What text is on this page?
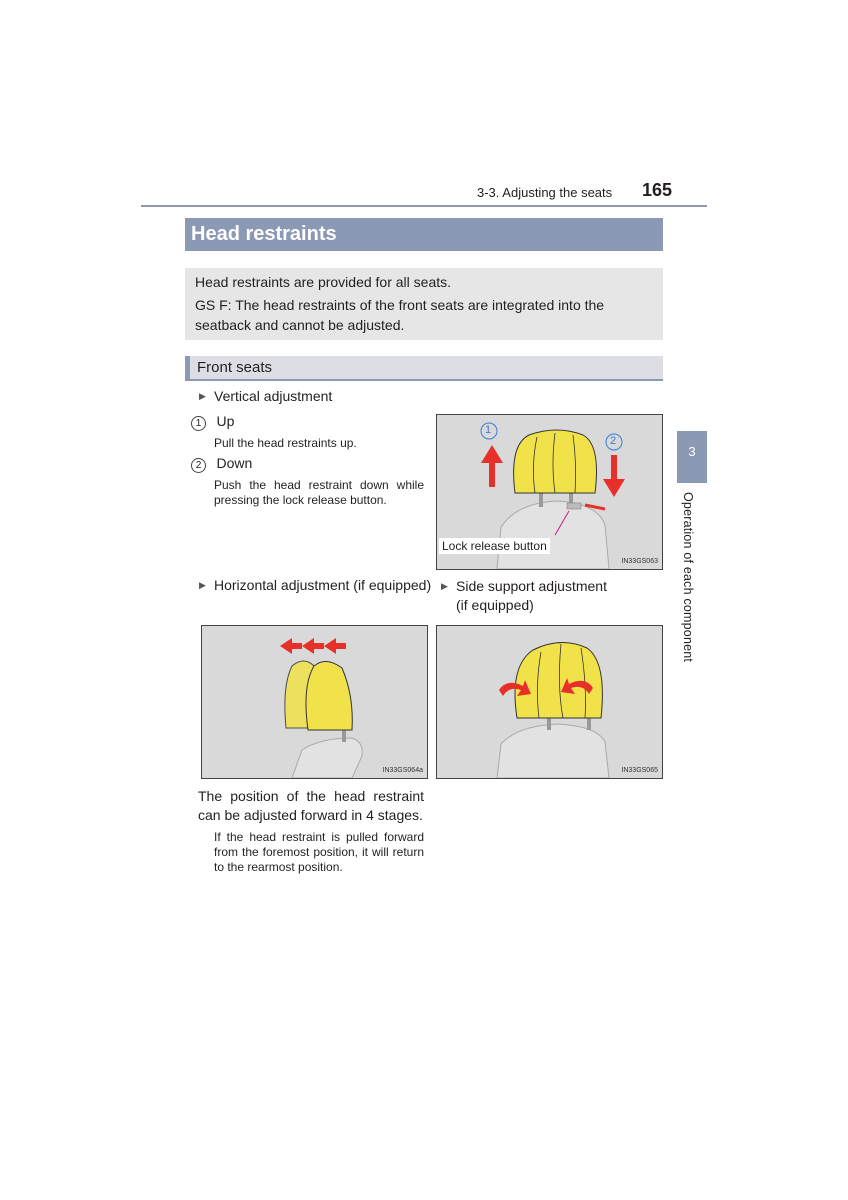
3-3. Adjusting the seats 165
Head restraints

Head restraints are provided for all seats.

GS F: The head restraints of the front seats are integrated into the seatback and cannot be adjusted.

Front seats
▶ Vertical adjustment
1 Up
Pull the head restraints up.
2 Down
Push the head restraint down while pressing the lock release button.
1
2
Lock release button
IN33GS063
▶ Horizontal adjustment (if equipped) ▶ Side support adjustment
(if equipped)
IN33GS064a	IN33GS065
The position of the head restraint can be adjusted forward in 4 stages.
If the head restraint is pulled forward from the foremost position, it will return to the rearmost position.
3
Operation of each component
